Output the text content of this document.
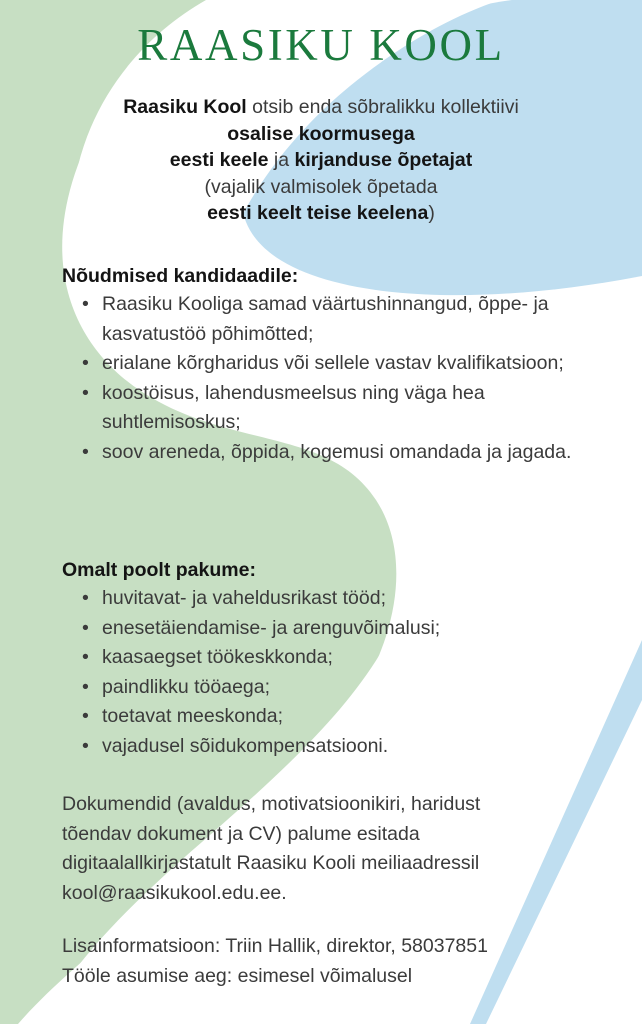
RAASIKU KOOL
Raasiku Kool otsib enda sõbralikku kollektiivi
osalise koormusega
eesti keele ja kirjanduse õpetajat
(vajalik valmisolek õpetada
eesti keelt teise keelena)
Nõudmised kandidaadile:
• Raasiku Kooliga samad väärtushinnangud, õppe- ja kasvatustöö põhimõtted;
• erialane kõrgharidus või sellele vastav kvalifikatsioon;
• koostöisus, lahendusmeelsus ning väga hea suhtlemisoskus;
• soov areneda, õppida, kogemusi omandada ja jagada.
Omalt poolt pakume:
• huvitavat- ja vaheldusrikast tööd;
• enesetäiendamise- ja arenguvõimalusi;
• kaasaegset töökeskkonda;
• paindlikku tööaega;
• toetavat meeskonda;
• vajadusel sõidukompensatsiooni.
Dokumendid (avaldus, motivatsioonikiri, haridust
tõendav dokument ja CV) palume esitada
digitaalallkirjastatult Raasiku Kooli meiliaadressil
kool@raasikukool.edu.ee.
Lisainformatsioon: Triin Hallik, direktor, 58037851
Tööle asumise aeg: esimesel võimalusel
